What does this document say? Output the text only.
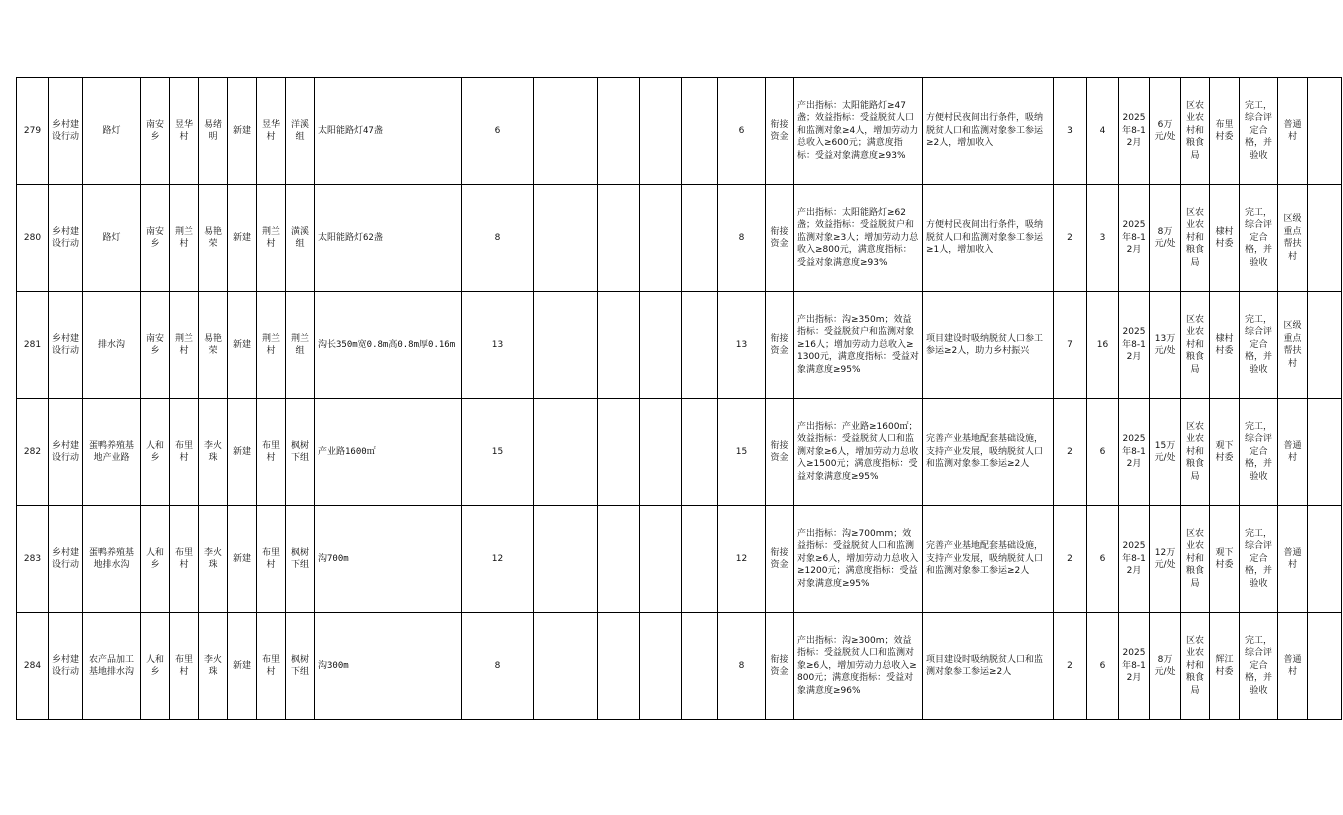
279	乡村建设行动	路灯	南安乡	昱华村	易绪明	新建	昱华村	洋溪组	太阳能路灯47盏	6					6	衔接资金	产出指标：太阳能路灯≥47盏；效益指标：受益脱贫人口和监测对象≥4人，增加劳动力总收入≥600元；满意度指标：受益对象满意度≥93%	方便村民夜间出行条件，吸纳脱贫人口和监测对象参工参运≥2人，增加收入	3	4	2025年8-12月	6万元/处	区农业农村和粮食局	布里村委	完工，综合评定合格，并验收	普通村	
280	乡村建设行动	路灯	南安乡	荆兰村	易艳荣	新建	荆兰村	潢溪组	太阳能路灯62盏	8					8	衔接资金	产出指标：太阳能路灯≥62盏；效益指标：受益脱贫户和监测对象≥3人；增加劳动力总收入≥800元，满意度指标：受益对象满意度≥93%	方便村民夜间出行条件，吸纳脱贫人口和监测对象参工参运≥1人，增加收入	2	3	2025年8-12月	8万元/处	区农业农村和粮食局	棣村村委	完工，综合评定合格，并验收	区级重点帮扶村	
281	乡村建设行动	排水沟	南安乡	荆兰村	易艳荣	新建	荆兰村	荆兰组	沟长350m宽0.8m高0.8m厚0.16m	13					13	衔接资金	产出指标：沟≥350m；效益指标：受益脱贫户和监测对象≥16人；增加劳动力总收入≥1300元，满意度指标：受益对象满意度≥95%	项目建设时吸纳脱贫人口参工参运≥2人，助力乡村振兴	7	16	2025年8-12月	13万元/处	区农业农村和粮食局	棣村村委	完工，综合评定合格，并验收	区级重点帮扶村	
282	乡村建设行动	蛋鸭养殖基地产业路	人和乡	布里村	李火珠	新建	布里村	枫树下组	产业路1600㎡	15					15	衔接资金	产出指标：产业路≥1600㎡；效益指标：受益脱贫人口和监测对象≥6人，增加劳动力总收入≥1500元；满意度指标：受益对象满意度≥95%	完善产业基地配套基础设施，支持产业发展，吸纳脱贫人口和监测对象参工参运≥2人	2	6	2025年8-12月	15万元/处	区农业农村和粮食局	观下村委	完工，综合评定合格，并验收	普通村	
283	乡村建设行动	蛋鸭养殖基地排水沟	人和乡	布里村	李火珠	新建	布里村	枫树下组	沟700m	12					12	衔接资金	产出指标：沟≥700mm；效益指标：受益脱贫人口和监测对象≥6人，增加劳动力总收入≥1200元；满意度指标：受益对象满意度≥95%	完善产业基地配套基础设施，支持产业发展，吸纳脱贫人口和监测对象参工参运≥2人	2	6	2025年8-12月	12万元/处	区农业农村和粮食局	观下村委	完工，综合评定合格，并验收	普通村	
284	乡村建设行动	农产品加工基地排水沟	人和乡	布里村	李火珠	新建	布里村	枫树下组	沟300m	8					8	衔接资金	产出指标：沟≥300m；效益指标：受益脱贫人口和监测对象≥6人，增加劳动力总收入≥800元；满意度指标：受益对象满意度≥96%	项目建设时吸纳脱贫人口和监测对象参工参运≥2人	2	6	2025年8-12月	8万元/处	区农业农村和粮食局	辉江村委	完工，综合评定合格，并验收	普通村	
